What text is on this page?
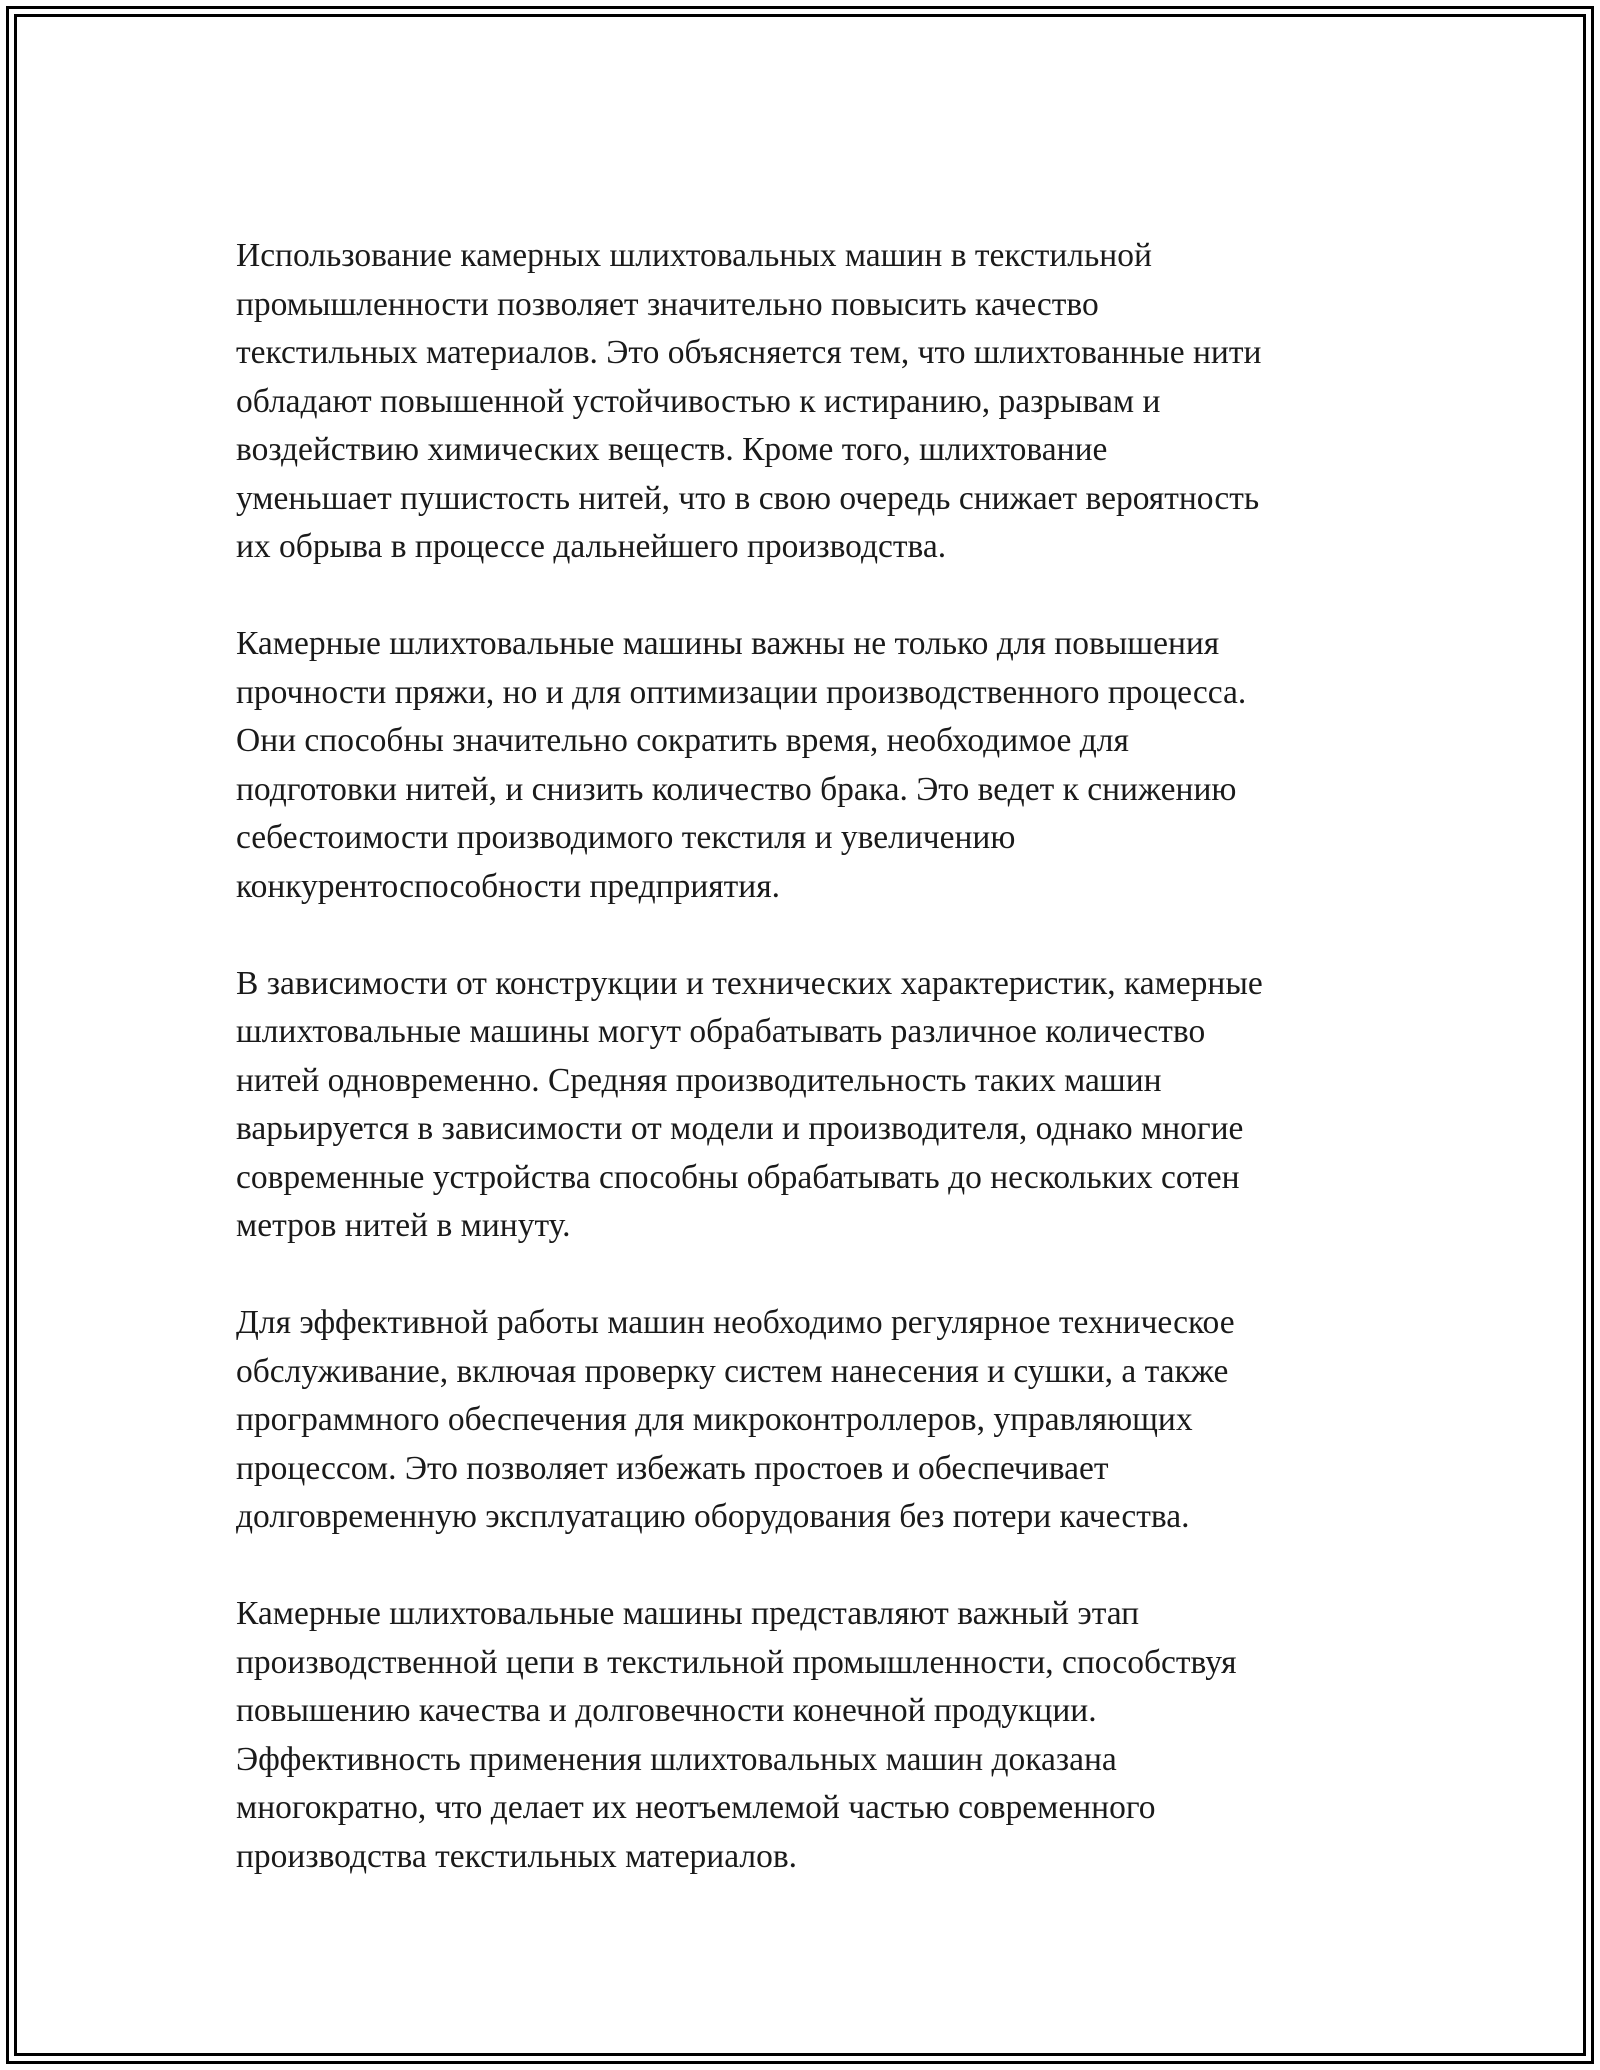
Использование камерных шлихтовальных машин в текстильной
промышленности позволяет значительно повысить качество
текстильных материалов. Это объясняется тем, что шлихтованные нити
обладают повышенной устойчивостью к истиранию, разрывам и
воздействию химических веществ. Кроме того, шлихтование
уменьшает пушистость нитей, что в свою очередь снижает вероятность
их обрыва в процессе дальнейшего производства.

Камерные шлихтовальные машины важны не только для повышения
прочности пряжи, но и для оптимизации производственного процесса.
Они способны значительно сократить время, необходимое для
подготовки нитей, и снизить количество брака. Это ведет к снижению
себестоимости производимого текстиля и увеличению
конкурентоспособности предприятия.

В зависимости от конструкции и технических характеристик, камерные
шлихтовальные машины могут обрабатывать различное количество
нитей одновременно. Средняя производительность таких машин
варьируется в зависимости от модели и производителя, однако многие
современные устройства способны обрабатывать до нескольких сотен
метров нитей в минуту.

Для эффективной работы машин необходимо регулярное техническое
обслуживание, включая проверку систем нанесения и сушки, а также
программного обеспечения для микроконтроллеров, управляющих
процессом. Это позволяет избежать простоев и обеспечивает
долговременную эксплуатацию оборудования без потери качества.

Камерные шлихтовальные машины представляют важный этап
производственной цепи в текстильной промышленности, способствуя
повышению качества и долговечности конечной продукции.
Эффективность применения шлихтовальных машин доказана
многократно, что делает их неотъемлемой частью современного
производства текстильных материалов.
